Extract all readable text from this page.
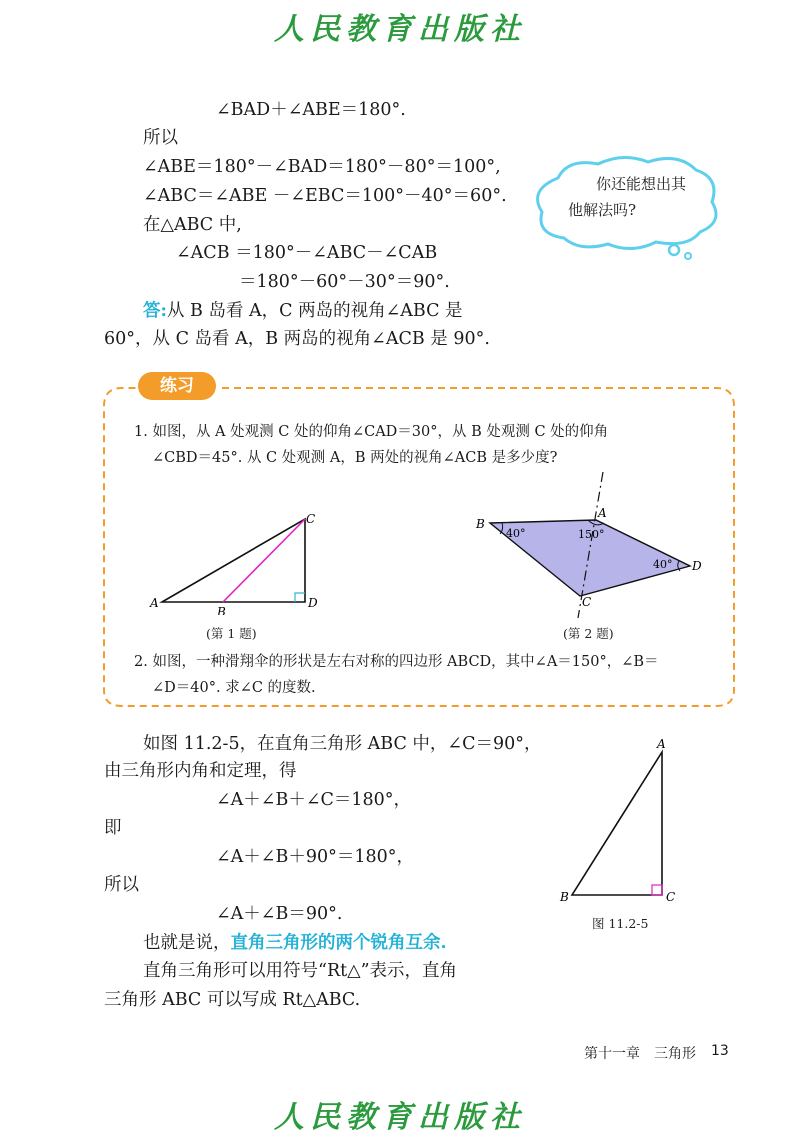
人民教育出版社
∠BAD＋∠ABE＝180°.
所以
∠ABE＝180°－∠BAD＝180°－80°＝100°,
∠ABC＝∠ABE －∠EBC＝100°－40°＝60°.
在△ABC 中,
∠ACB ＝180°－∠ABC－∠CAB
＝180°－60°－30°＝90°.
答:从 B 岛看 A，C 两岛的视角∠ABC 是
60°，从 C 岛看 A，B 两岛的视角∠ACB 是 90°.
你还能想出其
他解法吗?
练习
1. 如图，从 A 处观测 C 处的仰角∠CAD＝30°，从 B 处观测 C 处的仰角
∠CBD＝45°. 从 C 处观测 A，B 两处的视角∠ACB 是多少度?
A
B
C
D
(第 1 题)
B
A
D
C
40°	150°
40°
(第 2 题)
2. 如图，一种滑翔伞的形状是左右对称的四边形 ABCD，其中∠A＝150°，∠B＝
∠D＝40°. 求∠C 的度数.
如图 11.2-5，在直角三角形 ABC 中，∠C＝90°，
由三角形内角和定理，得
∠A＋∠B＋∠C＝180°，
即
∠A＋∠B＋90°＝180°，
所以
∠A＋∠B＝90°.
也就是说，直角三角形的两个锐角互余.
直角三角形可以用符号“Rt△”表示，直角
三角形 ABC 可以写成 Rt△ABC.
A
B	C
图 11.2-5
第十一章　三角形 13
人民教育出版社
